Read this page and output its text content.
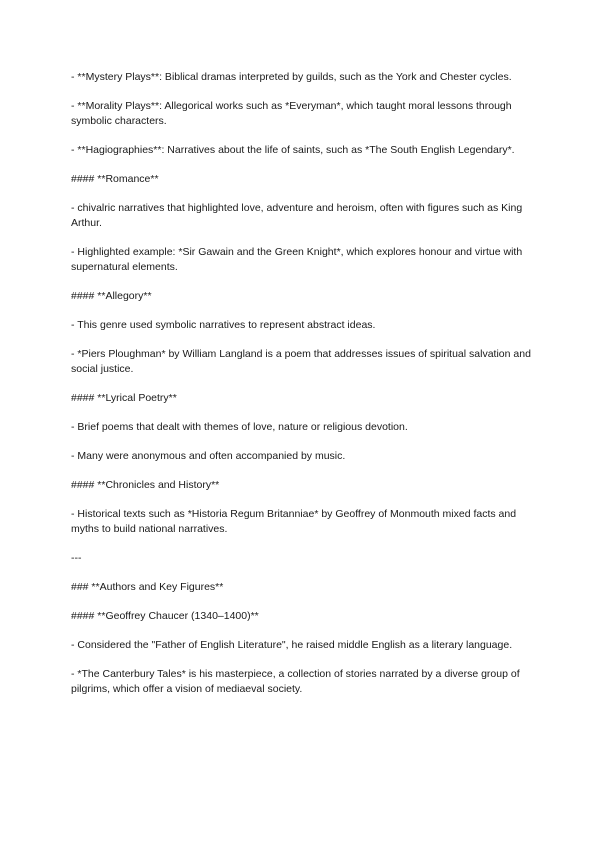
- **Mystery Plays**: Biblical dramas interpreted by guilds, such as the York and Chester cycles.

- **Morality Plays**: Allegorical works such as *Everyman*, which taught moral lessons through symbolic characters.

- **Hagiographies**: Narratives about the life of saints, such as *The South English Legendary*.

#### **Romance**

- chivalric narratives that highlighted love, adventure and heroism, often with figures such as King Arthur.

- Highlighted example: *Sir Gawain and the Green Knight*, which explores honour and virtue with supernatural elements.

#### **Allegory**

- This genre used symbolic narratives to represent abstract ideas.

- *Piers Ploughman* by William Langland is a poem that addresses issues of spiritual salvation and social justice.

#### **Lyrical Poetry**

- Brief poems that dealt with themes of love, nature or religious devotion.

- Many were anonymous and often accompanied by music.

#### **Chronicles and History**

- Historical texts such as *Historia Regum Britanniae* by Geoffrey of Monmouth mixed facts and myths to build national narratives.

---

### **Authors and Key Figures**

#### **Geoffrey Chaucer (1340–1400)**

- Considered the "Father of English Literature", he raised middle English as a literary language.

- *The Canterbury Tales* is his masterpiece, a collection of stories narrated by a diverse group of pilgrims, which offer a vision of mediaeval society.
